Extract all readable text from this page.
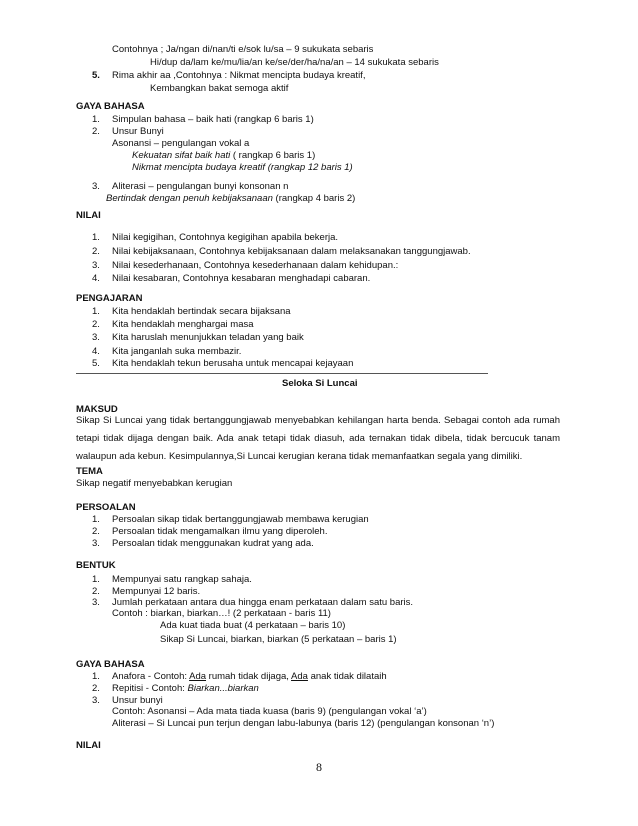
Contohnya ; Ja/ngan di/nan/ti e/sok lu/sa – 9 sukukata sebaris
Hi/dup da/lam ke/mu/lia/an ke/se/der/ha/na/an – 14 sukukata sebaris
5. Rima akhir aa ,Contohnya : Nikmat mencipta budaya kreatif,
Kembangkan bakat semoga aktif
GAYA BAHASA
1. Simpulan bahasa – baik hati (rangkap 6 baris 1)
2. Unsur Bunyi
Asonansi – pengulangan vokal a
Kekuatan sifat baik hati ( rangkap 6 baris 1)
Nikmat mencipta budaya kreatif (rangkap 12 baris 1)
3. Aliterasi – pengulangan bunyi konsonan n
Bertindak dengan penuh kebijaksanaan (rangkap 4 baris 2)
NILAI
1. Nilai kegigihan, Contohnya kegigihan apabila bekerja.
2. Nilai kebijaksanaan, Contohnya kebijaksanaan dalam melaksanakan tanggungjawab.
3. Nilai kesederhanaan, Contohnya kesederhanaan dalam kehidupan.:
4. Nilai kesabaran, Contohnya kesabaran menghadapi cabaran.
PENGAJARAN
1. Kita hendaklah bertindak secara bijaksana
2. Kita hendaklah menghargai masa
3. Kita haruslah menunjukkan teladan yang baik
4. Kita janganlah suka membazir.
5. Kita hendaklah tekun berusaha untuk mencapai kejayaan
Seloka Si Luncai
MAKSUD
Sikap Si Luncai yang tidak bertanggungjawab menyebabkan kehilangan harta benda. Sebagai contoh ada rumah tetapi tidak dijaga dengan baik. Ada anak tetapi tidak diasuh, ada ternakan tidak dibela, tidak bercucuk tanam walaupun ada kebun. Kesimpulannya,Si Luncai kerugian kerana tidak memanfaatkan segala yang dimiliki.
TEMA
Sikap negatif menyebabkan kerugian
PERSOALAN
1. Persoalan sikap tidak bertanggungjawab membawa kerugian
2. Persoalan tidak mengamalkan ilmu yang diperoleh.
3. Persoalan tidak menggunakan kudrat yang ada.
BENTUK
1. Mempunyai satu rangkap sahaja.
2. Mempunyai 12 baris.
3. Jumlah perkataan antara dua hingga enam perkataan dalam satu baris.
Contoh : biarkan, biarkan…! (2 perkataan - baris 11)
Ada kuat tiada buat (4 perkataan – baris 10)
Sikap Si Luncai, biarkan, biarkan (5 perkataan – baris 1)
GAYA BAHASA
1. Anafora - Contoh: Ada rumah tidak dijaga, Ada anak tidak dilataih
2. Repitisi - Contoh: Biarkan...biarkan
3. Unsur bunyi
Contoh: Asonansi – Ada mata tiada kuasa (baris 9) (pengulangan vokal ‘a’)
Aliterasi – Si Luncai pun terjun dengan labu-labunya (baris 12) (pengulangan konsonan ‘n’)
NILAI
8
